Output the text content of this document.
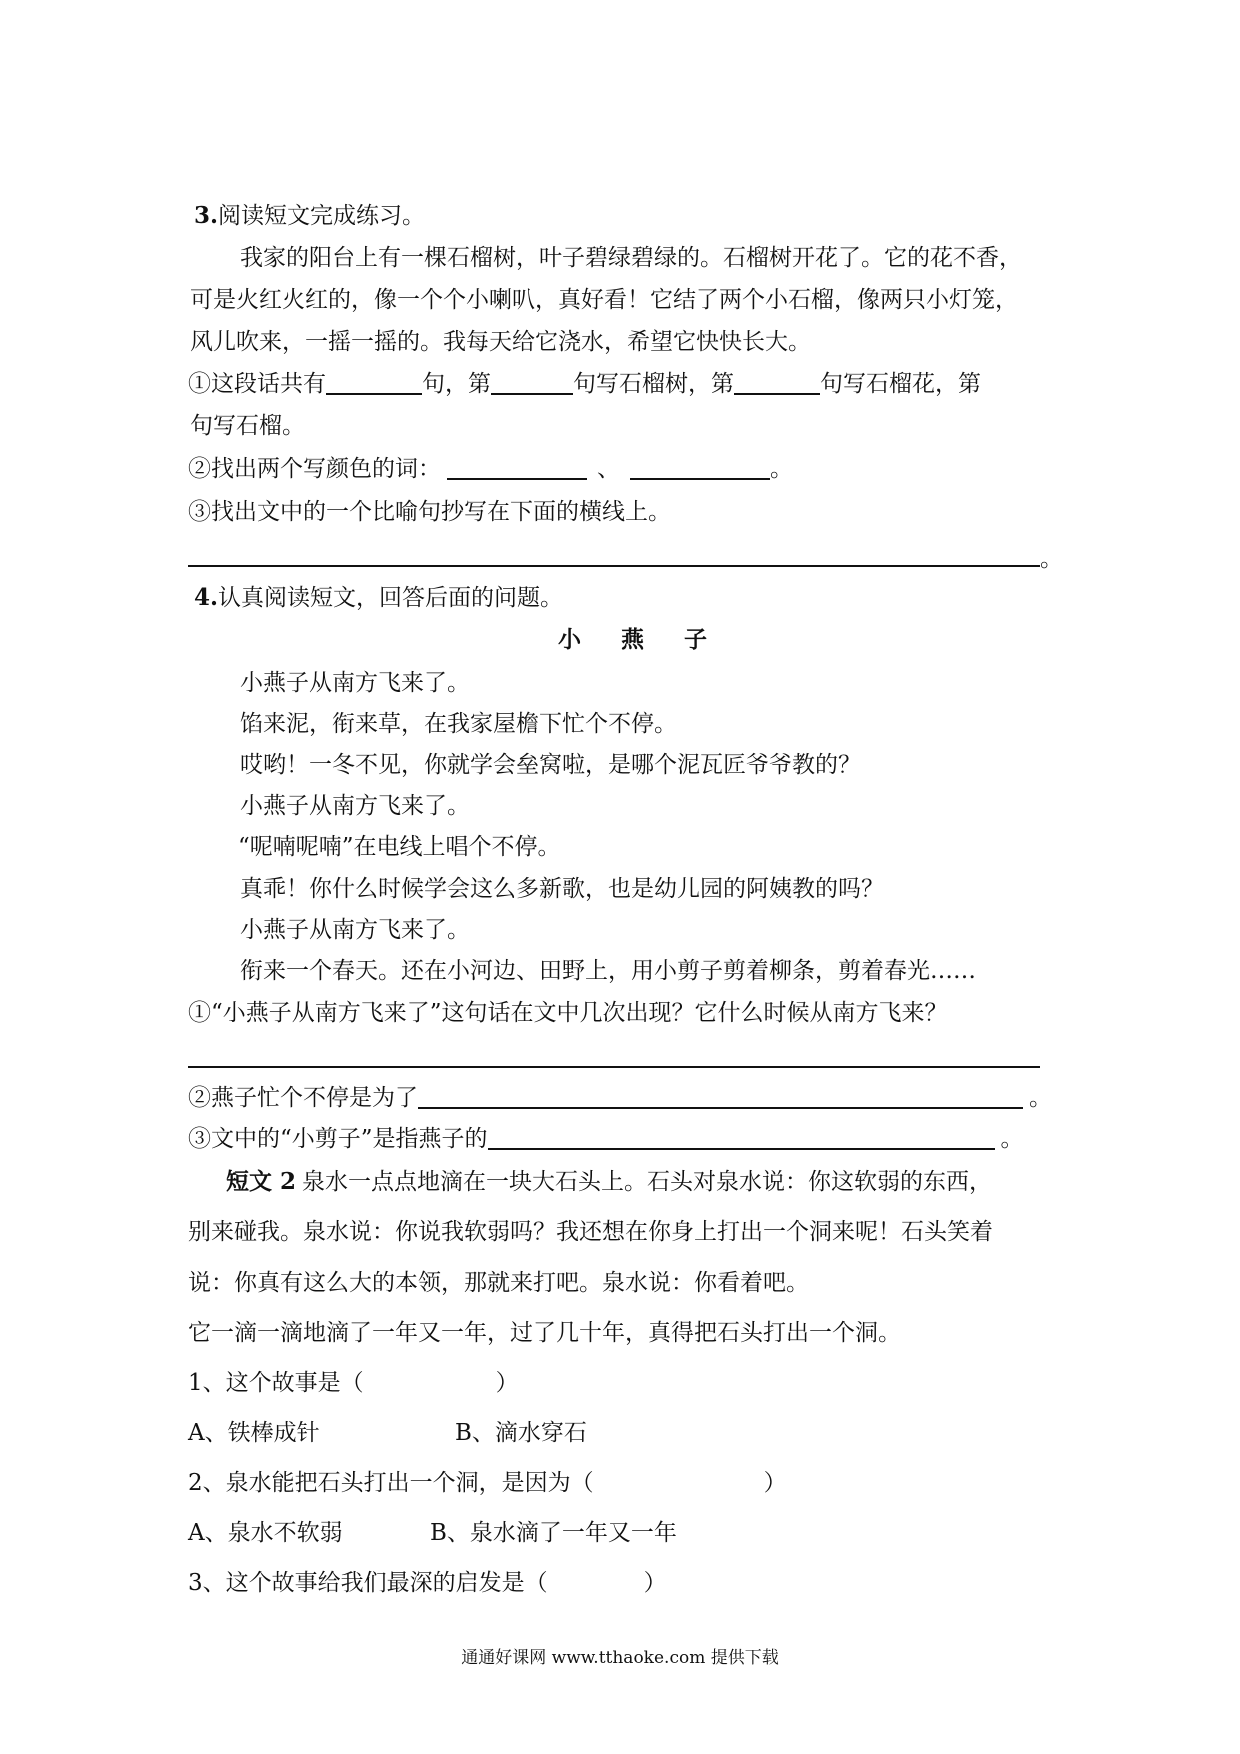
3.阅读短文完成练习。
我家的阳台上有一棵石榴树，叶子碧绿碧绿的。石榴树开花了。它的花不香，
可是火红火红的，像一个个小喇叭，真好看！它结了两个小石榴，像两只小灯笼，
风儿吹来，一摇一摇的。我每天给它浇水，希望它快快长大。
①这段话共有	句，第	句写石榴树，第	句写石榴花，第
句写石榴。
②找出两个写颜色的词：	、	。
③找出文中的一个比喻句抄写在下面的横线上。
。
4.认真阅读短文，回答后面的问题。
小 燕 子
小燕子从南方飞来了。
馅来泥，衔来草，在我家屋檐下忙个不停。
哎哟！一冬不见，你就学会垒窝啦，是哪个泥瓦匠爷爷教的？
小燕子从南方飞来了。
“呢喃呢喃”在电线上唱个不停。
真乖！你什么时候学会这么多新歌，也是幼儿园的阿姨教的吗？
小燕子从南方飞来了。
衔来一个春天。还在小河边、田野上，用小剪子剪着柳条，剪着春光……
①“小燕子从南方飞来了”这句话在文中几次出现？它什么时候从南方飞来？
②燕子忙个不停是为了	。
③文中的“小剪子”是指燕子的	。
短文 2 泉水一点点地滴在一块大石头上。石头对泉水说：你这软弱的东西，
别来碰我。泉水说：你说我软弱吗？我还想在你身上打出一个洞来呢！石头笑着
说：你真有这么大的本领，那就来打吧。泉水说：你看着吧。
它一滴一滴地滴了一年又一年，过了几十年，真得把石头打出一个洞。
1、这个故事是（	）
A、铁棒成针	B、滴水穿石
2、泉水能把石头打出一个洞，是因为（	）
A、泉水不软弱	B、泉水滴了一年又一年
3、这个故事给我们最深的启发是（	）
通通好课网 www.tthaoke.com 提供下载
